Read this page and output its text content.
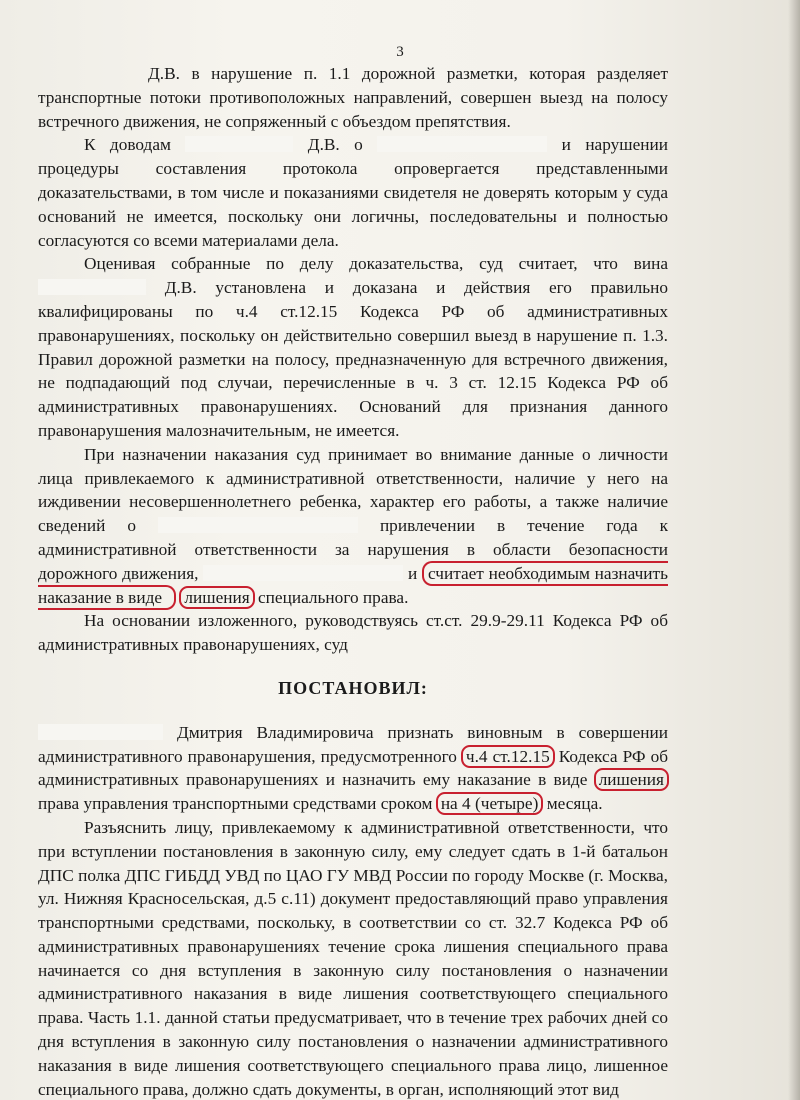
3

Д.В. в нарушение п. 1.1 дорожной разметки, которая разделяет транспортные потоки противоположных направлений, совершен выезд на полосу встречного движения, не сопряженный с объездом препятствия.

К доводам	Д.В. о	и нарушении процедуры составления протокола опровергается представленными доказательствами, в том числе и показаниями свидетеля не доверять которым у суда оснований не имеется, поскольку они логичны, последовательны и полностью согласуются со всеми материалами дела.

Оценивая собранные по делу доказательства, суд считает, что вина  Д.В. установлена и доказана и действия его правильно квалифицированы по ч.4 ст.12.15 Кодекса РФ об административных правонарушениях, поскольку он действительно совершил выезд в нарушение п. 1.3. Правил дорожной разметки на полосу, предназначенную для встречного движения, не подпадающий под случаи, перечисленные в ч. 3 ст. 12.15 Кодекса РФ об административных правонарушениях. Оснований для признания данного правонарушения малозначительным, не имеется.

При назначении наказания суд принимает во внимание данные о личности лица привлекаемого к административной ответственности, наличие у него на иждивении несовершеннолетнего ребенка, характер его работы, а также наличие сведений о	привлечении в течение года к административной ответственности за нарушения в области безопасности дорожного движения,	и считает необходимым назначить наказание в виде лишения специального права.

На основании изложенного, руководствуясь ст.ст. 29.9-29.11 Кодекса РФ об административных правонарушениях, суд

ПОСТАНОВИЛ:

Дмитрия Владимировича признать виновным в совершении административного правонарушения, предусмотренного ч.4 ст.12.15 Кодекса РФ об административных правонарушениях и назначить ему наказание в виде лишения права управления транспортными средствами сроком на 4 (четыре) месяца.

Разъяснить лицу, привлекаемому к административной ответственности, что при вступлении постановления в законную силу, ему следует сдать в 1-й батальон ДПС полка ДПС ГИБДД УВД по ЦАО ГУ МВД России по городу Москве (г. Москва, ул. Нижняя Красносельская, д.5 с.11) документ предоставляющий право управления транспортными средствами, поскольку, в соответствии со ст. 32.7 Кодекса РФ об административных правонарушениях течение срока лишения специального права начинается со дня вступления в законную силу постановления о назначении административного наказания в виде лишения соответствующего специального права. Часть 1.1. данной статьи предусматривает, что в течение трех рабочих дней со дня вступления в законную силу постановления о назначении административного наказания в виде лишения соответствующего специального права лицо, лишенное специального права, должно сдать документы, в орган, исполняющий этот вид
